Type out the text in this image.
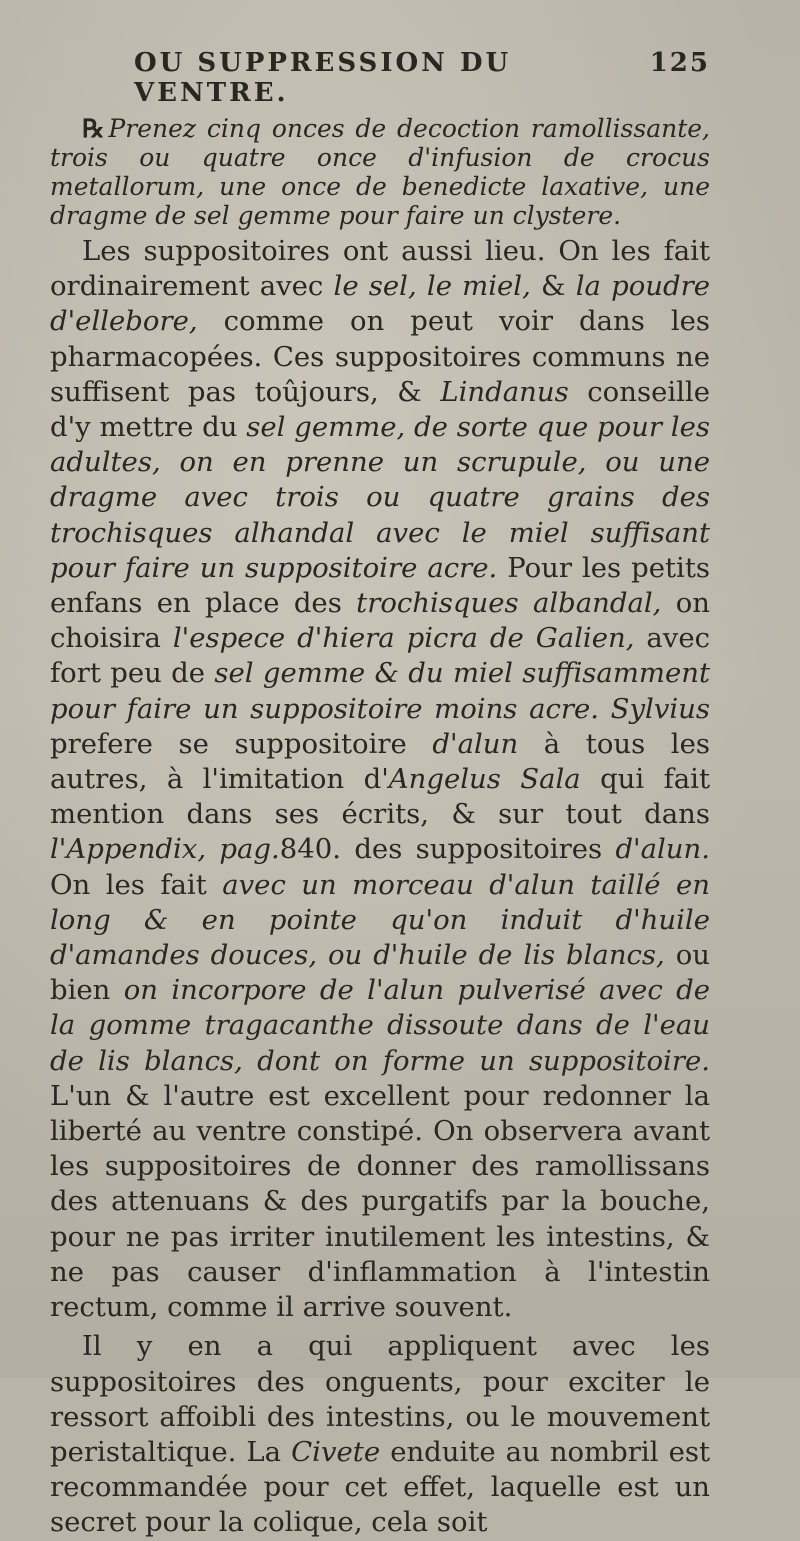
OU SUPPRESSION DU VENTRE.
125

℞ Prenez cinq onces de decoction ramollissante, trois ou quatre once d'infusion de crocus metallorum, une once de benedicte laxative, une dragme de sel gemme pour faire un clystere.

Les suppositoires ont aussi lieu. On les fait ordinairement avec le sel, le miel, & la poudre d'ellebore, comme on peut voir dans les pharmacopées. Ces suppositoires communs ne suffisent pas toûjours, & Lindanus conseille d'y mettre du sel gemme, de sorte que pour les adultes, on en prenne un scrupule, ou une dragme avec trois ou quatre grains des trochisques alhandal avec le miel suffisant pour faire un suppositoire acre. Pour les petits enfans en place des trochisques albandal, on choisira l'espece d'hiera picra de Galien, avec fort peu de sel gemme & du miel suffisamment pour faire un suppositoire moins acre. Sylvius prefere se suppositoire d'alun à tous les autres, à l'imitation d'Angelus Sala qui fait mention dans ses écrits, & sur tout dans l'Appendix, pag.840. des suppositoires d'alun. On les fait avec un morceau d'alun taillé en long & en pointe qu'on induit d'huile d'amandes douces, ou d'huile de lis blancs, ou bien on incorpore de l'alun pulverisé avec de la gomme tragacanthe dissoute dans de l'eau de lis blancs, dont on forme un suppositoire. L'un & l'autre est excellent pour redonner la liberté au ventre constipé. On observera avant les suppositoires de donner des ramollissans des attenuans & des purgatifs par la bouche, pour ne pas irriter inutilement les intestins, & ne pas causer d'inflammation à l'intestin rectum, comme il arrive souvent.

Il y en a qui appliquent avec les suppositoires des onguents, pour exciter le ressort affoibli des intestins, ou le mouvement peristaltique. La Civete enduite au nombril est recommandée pour cet effet, laquelle est un secret pour la colique, cela soit
